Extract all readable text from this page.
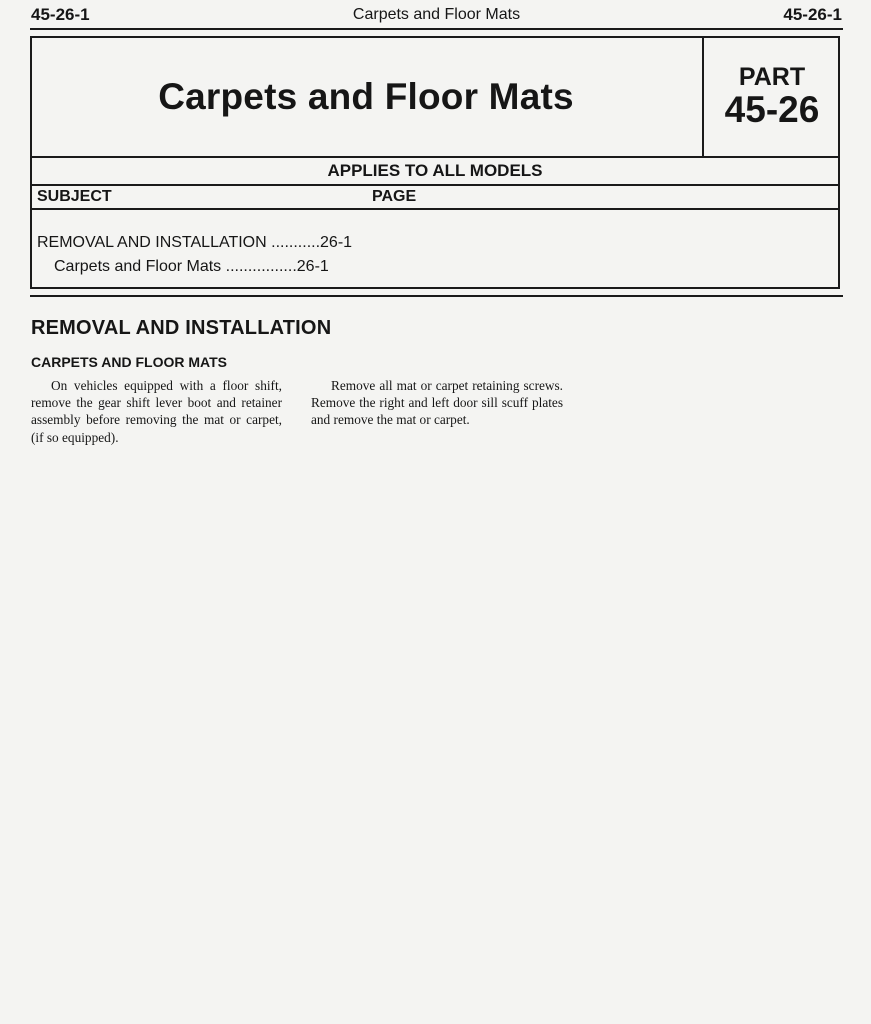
45-26-1	Carpets and Floor Mats	45-26-1
Carpets and Floor Mats	PART
45-26
APPLIES TO ALL MODELS
SUBJECT	PAGE
REMOVAL AND INSTALLATION ...........26-1
Carpets and Floor Mats ................26-1
REMOVAL AND INSTALLATION
CARPETS AND FLOOR MATS
On vehicles equipped with a floor shift, remove the gear shift lever boot and retainer assembly before removing the mat or carpet, (if so equipped).
Remove all mat or carpet retaining screws. Remove the right and left door sill scuff plates and remove the mat or carpet.
